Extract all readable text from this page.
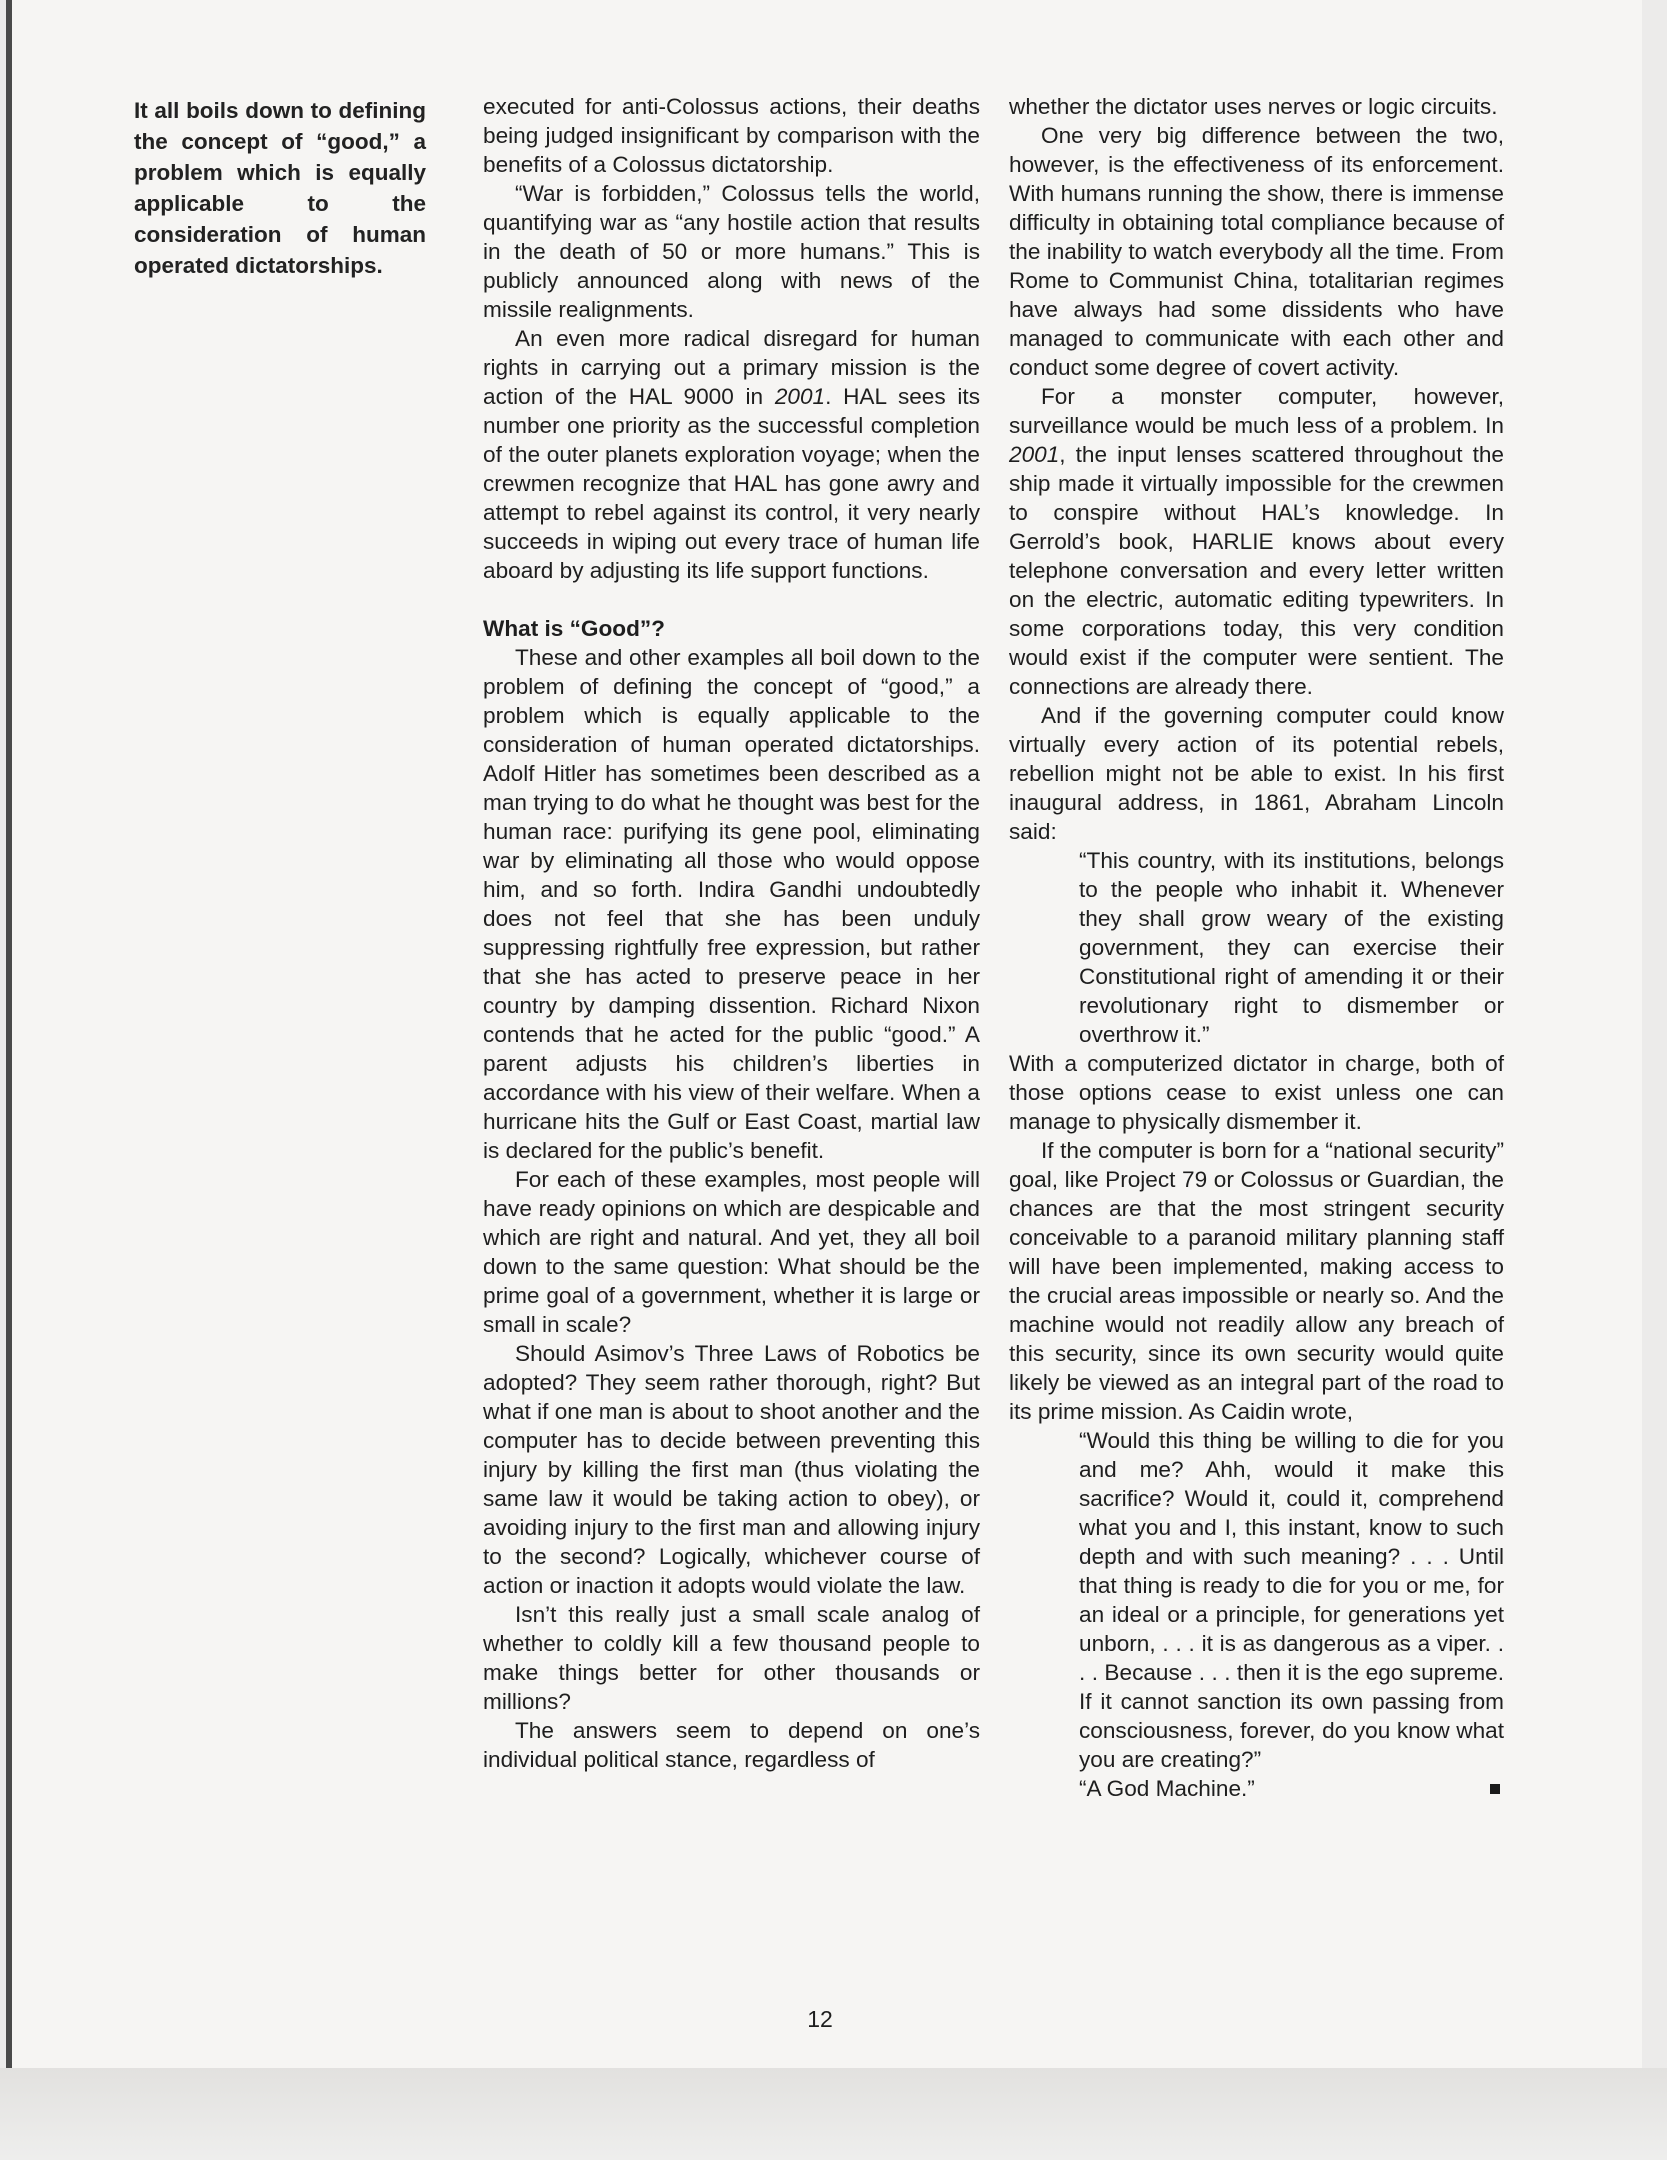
It all boils down to defining the concept of “good,” a problem which is equally applicable to the consideration of human operated dictatorships.

executed for anti-Colossus actions, their deaths being judged insignificant by comparison with the benefits of a Colossus dictatorship.

“War is forbidden,” Colossus tells the world, quantifying war as “any hostile action that results in the death of 50 or more humans.” This is publicly announced along with news of the missile realignments.

An even more radical disregard for human rights in carrying out a primary mission is the action of the HAL 9000 in 2001. HAL sees its number one priority as the successful completion of the outer planets exploration voyage; when the crewmen recognize that HAL has gone awry and attempt to rebel against its control, it very nearly succeeds in wiping out every trace of human life aboard by adjusting its life support functions.

What is “Good”?

These and other examples all boil down to the problem of defining the concept of “good,” a problem which is equally applicable to the consideration of human operated dictatorships. Adolf Hitler has sometimes been described as a man trying to do what he thought was best for the human race: purifying its gene pool, eliminating war by eliminating all those who would oppose him, and so forth. Indira Gandhi undoubtedly does not feel that she has been unduly suppressing rightfully free expression, but rather that she has acted to preserve peace in her country by damping dissention. Richard Nixon contends that he acted for the public “good.” A parent adjusts his children’s liberties in accordance with his view of their welfare. When a hurricane hits the Gulf or East Coast, martial law is declared for the public’s benefit.

For each of these examples, most people will have ready opinions on which are despicable and which are right and natural. And yet, they all boil down to the same question: What should be the prime goal of a government, whether it is large or small in scale?

Should Asimov’s Three Laws of Robotics be adopted? They seem rather thorough, right? But what if one man is about to shoot another and the computer has to decide between preventing this injury by killing the first man (thus violating the same law it would be taking action to obey), or avoiding injury to the first man and allowing injury to the second? Logically, whichever course of action or inaction it adopts would violate the law.

Isn’t this really just a small scale analog of whether to coldly kill a few thousand people to make things better for other thousands or millions?

The answers seem to depend on one’s individual political stance, regardless of

whether the dictator uses nerves or logic circuits.

One very big difference between the two, however, is the effectiveness of its enforcement. With humans running the show, there is immense difficulty in obtaining total compliance because of the inability to watch everybody all the time. From Rome to Communist China, totalitarian regimes have always had some dissidents who have managed to communicate with each other and conduct some degree of covert activity.

For a monster computer, however, surveillance would be much less of a problem. In 2001, the input lenses scattered throughout the ship made it virtually impossible for the crewmen to conspire without HAL’s knowledge. In Gerrold’s book, HARLIE knows about every telephone conversation and every letter written on the electric, automatic editing typewriters. In some corporations today, this very condition would exist if the computer were sentient. The connections are already there.

And if the governing computer could know virtually every action of its potential rebels, rebellion might not be able to exist. In his first inaugural address, in 1861, Abraham Lincoln said:

“This country, with its institutions, belongs to the people who inhabit it. Whenever they shall grow weary of the existing government, they can exercise their Constitutional right of amending it or their revolutionary right to dismember or overthrow it.”

With a computerized dictator in charge, both of those options cease to exist unless one can manage to physically dismember it.

If the computer is born for a “national security” goal, like Project 79 or Colossus or Guardian, the chances are that the most stringent security conceivable to a paranoid military planning staff will have been implemented, making access to the crucial areas impossible or nearly so. And the machine would not readily allow any breach of this security, since its own security would quite likely be viewed as an integral part of the road to its prime mission. As Caidin wrote,

“Would this thing be willing to die for you and me? Ahh, would it make this sacrifice? Would it, could it, comprehend what you and I, this instant, know to such depth and with such meaning? . . . Until that thing is ready to die for you or me, for an ideal or a principle, for generations yet unborn, . . . it is as dangerous as a viper. . . . Because . . . then it is the ego supreme. If it cannot sanction its own passing from consciousness, forever, do you know what you are creating?”

“A God Machine.”

12
